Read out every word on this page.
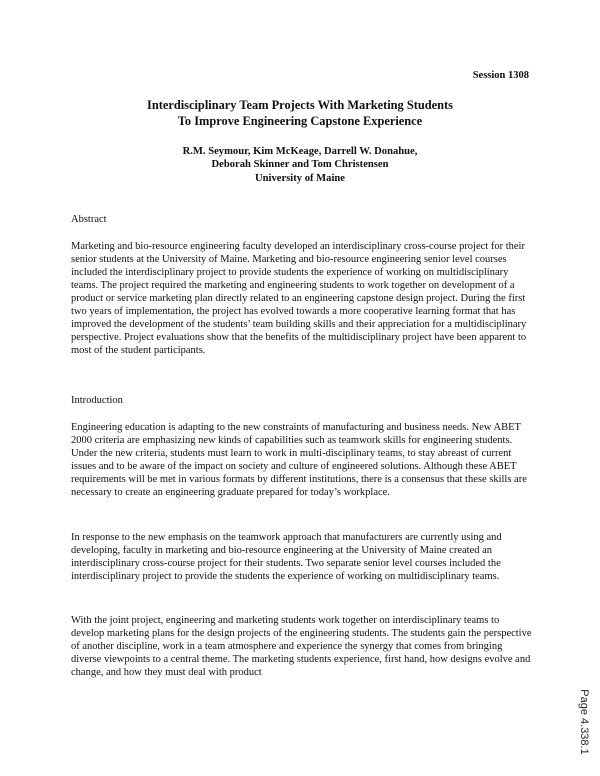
Session 1308
Interdisciplinary Team Projects With Marketing Students
To Improve Engineering Capstone Experience
R.M. Seymour, Kim McKeage, Darrell W. Donahue,
Deborah Skinner and Tom Christensen
University of Maine
Abstract

Marketing and bio-resource engineering faculty developed an interdisciplinary cross-course project for their senior students at the University of Maine. Marketing and bio-resource engineering senior level courses included the interdisciplinary project to provide students the experience of working on multidisciplinary teams. The project required the marketing and engineering students to work together on development of a product or service marketing plan directly related to an engineering capstone design project. During the first two years of implementation, the project has evolved towards a more cooperative learning format that has improved the development of the students’ team building skills and their appreciation for a multidisciplinary perspective. Project evaluations show that the benefits of the multidisciplinary project have been apparent to most of the student participants.

Introduction

Engineering education is adapting to the new constraints of manufacturing and business needs. New ABET 2000 criteria are emphasizing new kinds of capabilities such as teamwork skills for engineering students. Under the new criteria, students must learn to work in multi-disciplinary teams, to stay abreast of current issues and to be aware of the impact on society and culture of engineered solutions. Although these ABET requirements will be met in various formats by different institutions, there is a consensus that these skills are necessary to create an engineering graduate prepared for today’s workplace.

In response to the new emphasis on the teamwork approach that manufacturers are currently using and developing, faculty in marketing and bio-resource engineering at the University of Maine created an interdisciplinary cross-course project for their students. Two separate senior level courses included the interdisciplinary project to provide the students the experience of working on multidisciplinary teams.

With the joint project, engineering and marketing students work together on interdisciplinary teams to develop marketing plans for the design projects of the engineering students. The students gain the perspective of another discipline, work in a team atmosphere and experience the synergy that comes from bringing diverse viewpoints to a central theme. The marketing students experience, first hand, how designs evolve and change, and how they must deal with product

Page 4.338.1
